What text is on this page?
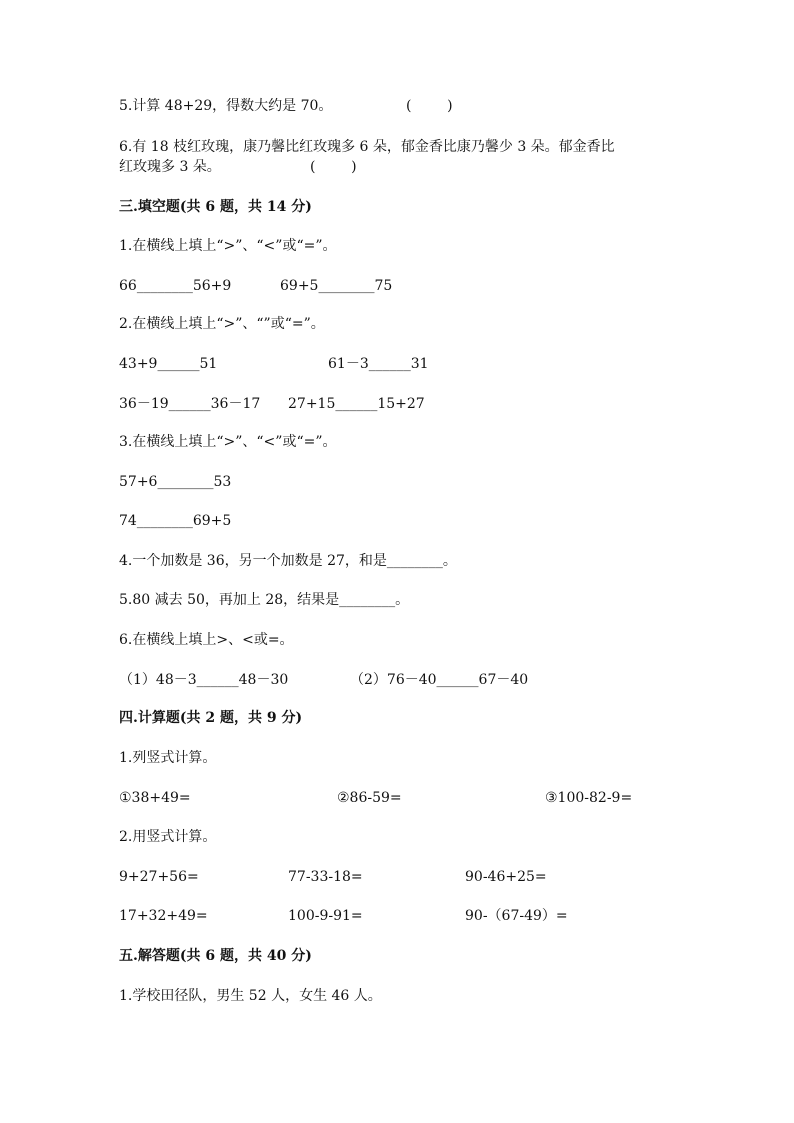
5.计算 48+29，得数大约是 70。	(        )
6.有 18 枝红玫瑰，康乃馨比红玫瑰多 6 朵，郁金香比康乃馨少 3 朵。郁金香比
红玫瑰多 3 朵。	(        )
三.填空题(共 6 题，共 14 分)
1.在横线上填上“>”、“<”或“=”。
66________56+9	69+5________75
2.在横线上填上“>”、“”或“=”。
43+9______51	61－3______31
36－19______36－17 27+15______15+27
3.在横线上填上“>”、“<”或“=”。
57+6________53
74________69+5
4.一个加数是 36，另一个加数是 27，和是________。
5.80 减去 50，再加上 28，结果是________。
6.在横线上填上>、<或=。
（1）48－3______48－30	（2）76－40______67－40
四.计算题(共 2 题，共 9 分)
1.列竖式计算。
①38+49=	②86-59=	③100-82-9=
2.用竖式计算。
9+27+56=	77-33-18=	90-46+25=
17+32+49=	100-9-91=	90-（67-49）=
五.解答题(共 6 题，共 40 分)
1.学校田径队，男生 52 人，女生 46 人。
